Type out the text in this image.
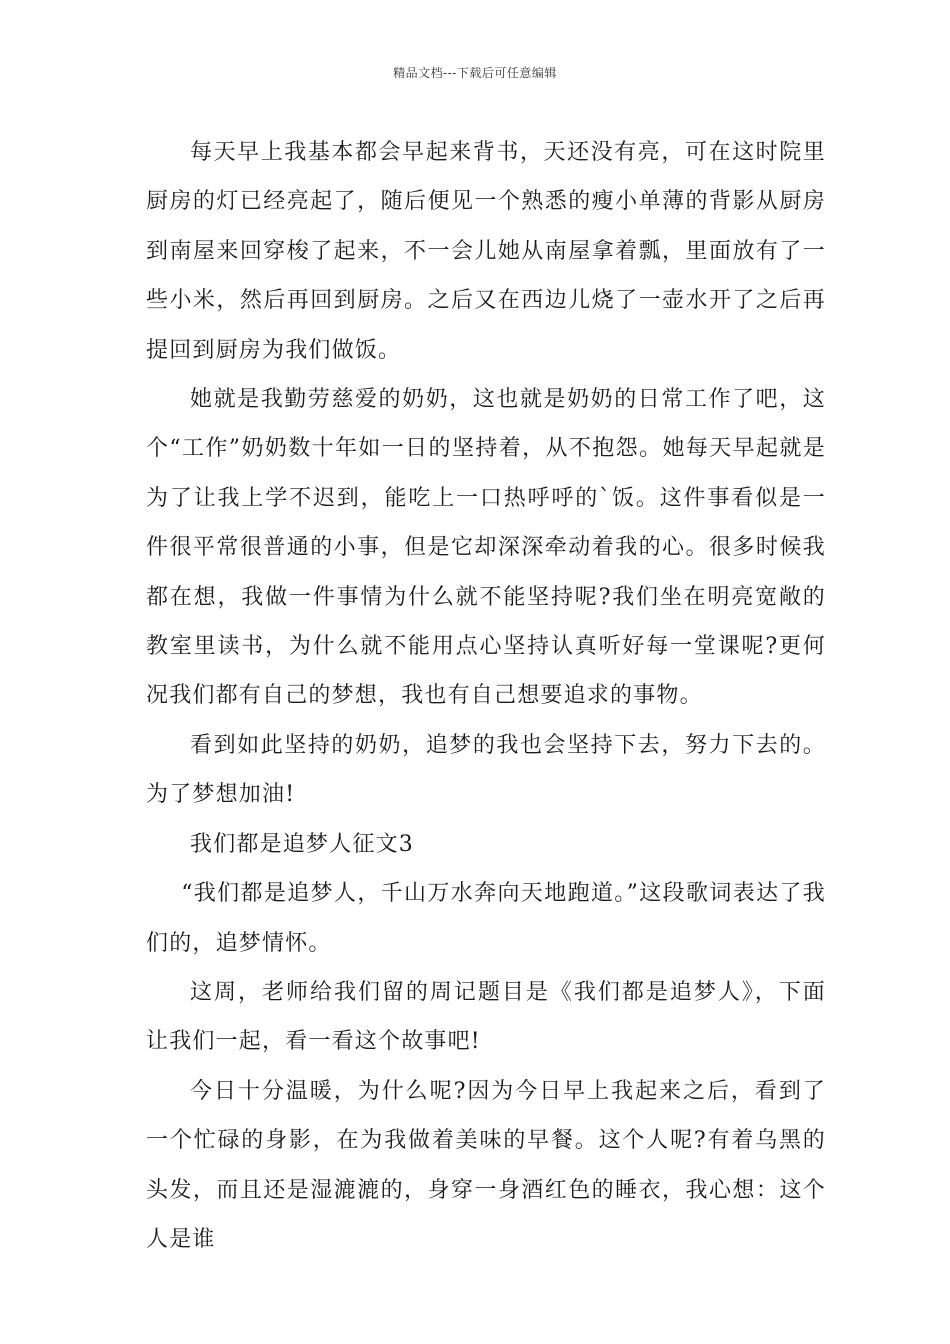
精品文档---下载后可任意编辑

每天早上我基本都会早起来背书，天还没有亮，可在这时院里厨房的灯已经亮起了，随后便见一个熟悉的瘦小单薄的背影从厨房到南屋来回穿梭了起来，不一会儿她从南屋拿着瓢，里面放有了一些小米，然后再回到厨房。之后又在西边儿烧了一壶水开了之后再提回到厨房为我们做饭。

她就是我勤劳慈爱的奶奶，这也就是奶奶的日常工作了吧，这个“工作”奶奶数十年如一日的坚持着，从不抱怨。她每天早起就是为了让我上学不迟到，能吃上一口热呼呼的`饭。这件事看似是一件很平常很普通的小事，但是它却深深牵动着我的心。很多时候我都在想，我做一件事情为什么就不能坚持呢?我们坐在明亮宽敞的教室里读书，为什么就不能用点心坚持认真听好每一堂课呢?更何况我们都有自己的梦想，我也有自己想要追求的事物。

看到如此坚持的奶奶，追梦的我也会坚持下去，努力下去的。为了梦想加油!

我们都是追梦人征文3

“我们都是追梦人，千山万水奔向天地跑道。”这段歌词表达了我们的，追梦情怀。

这周，老师给我们留的周记题目是《我们都是追梦人》，下面让我们一起，看一看这个故事吧!

今日十分温暖，为什么呢?因为今日早上我起来之后，看到了一个忙碌的身影，在为我做着美味的早餐。这个人呢?有着乌黑的头发，而且还是湿漉漉的，身穿一身酒红色的睡衣，我心想：这个人是谁
